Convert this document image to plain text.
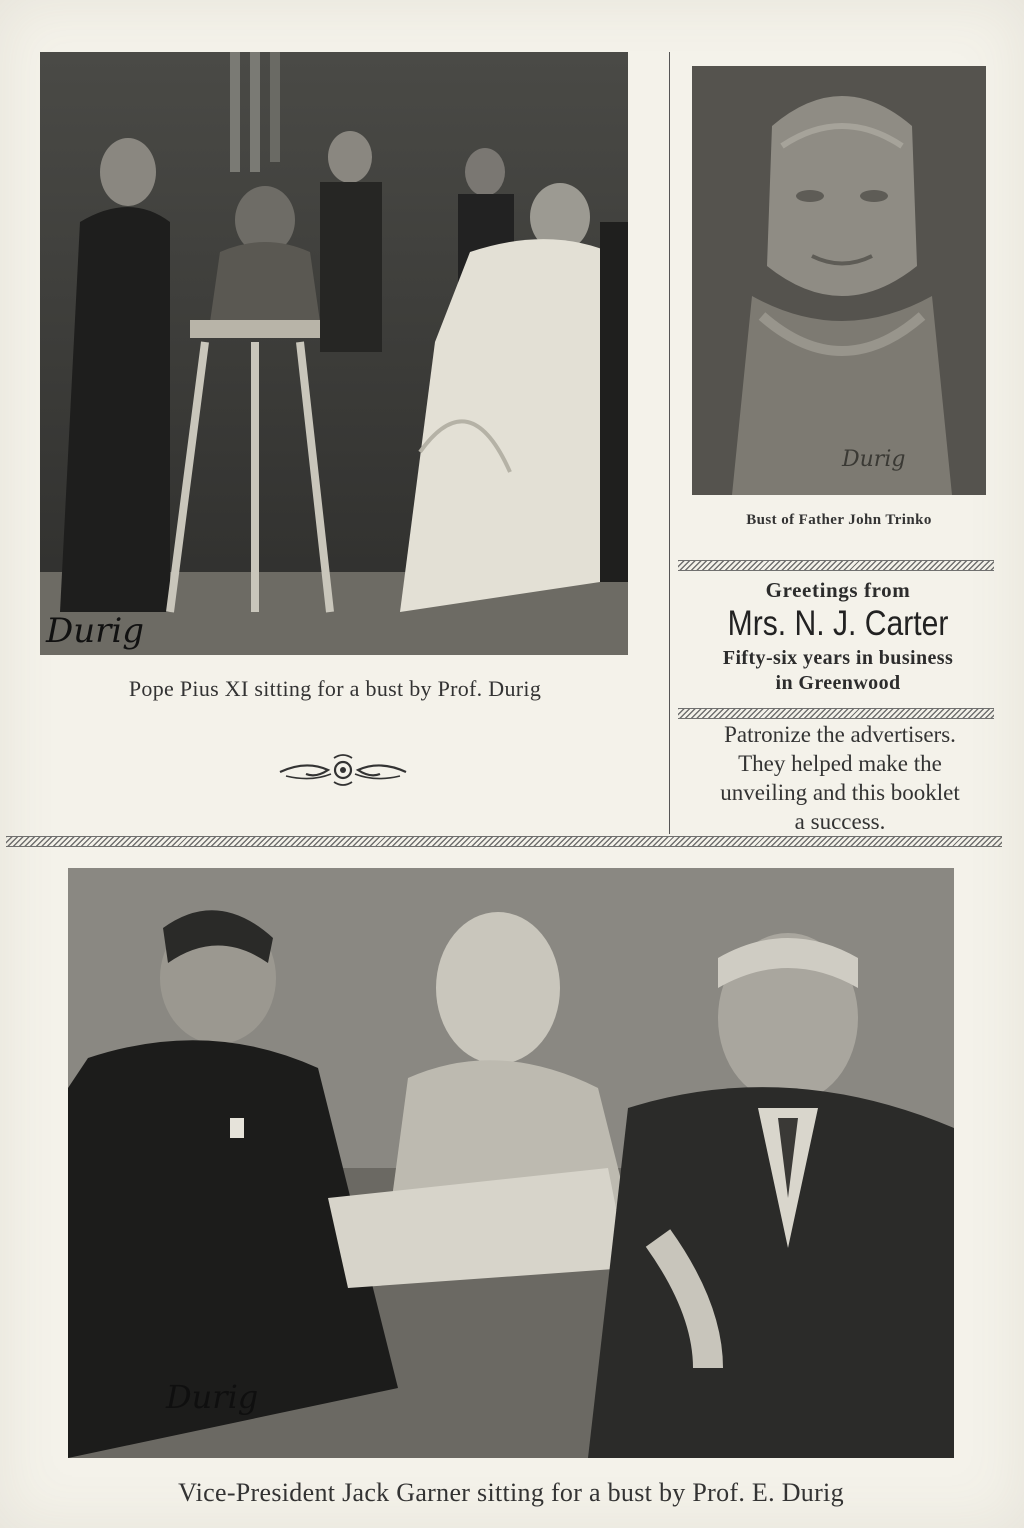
Durig
Pope Pius XI sitting for a bust by Prof. Durig
Durig
Bust of Father John Trinko
Greetings from
Mrs. N. J. Carter
Fifty-six years in business
in Greenwood
Patronize the advertisers.
They helped make the
unveiling and this booklet
a success.
Durig
Vice-President Jack Garner sitting for a bust by Prof. E. Durig
